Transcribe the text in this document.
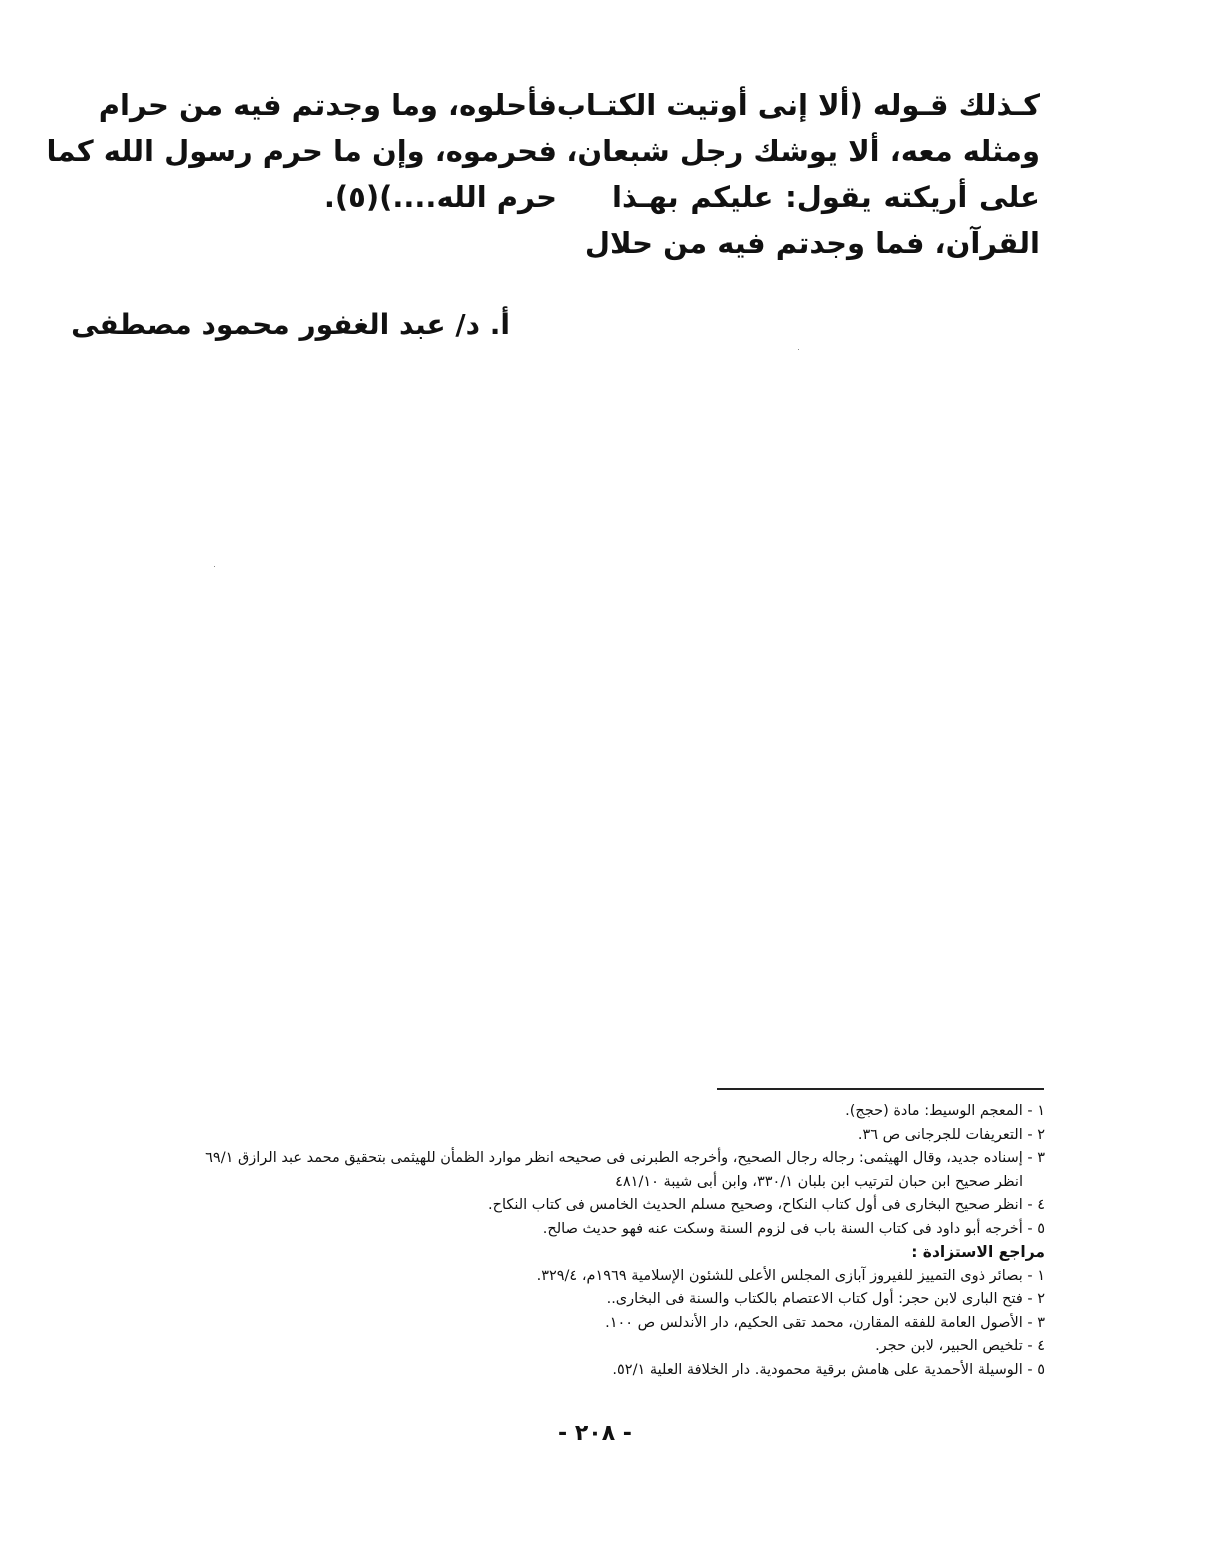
كـذلك قـوله (ألا إنى أوتيت الكتـاب
ومثله معه، ألا يوشك رجل شبعان،
على أريكته يقول: عليكم بهـذا
القرآن، فما وجدتم فيه من حلال
فأحلوه، وما وجدتم فيه من حرام
فحرموه، وإن ما حرم رسول الله كما
حرم الله....)(٥).
أ. د/ عبد الغفور محمود مصطفى
١ - المعجم الوسيط: مادة (حجج).
٢ - التعريفات للجرجانى ص ٣٦.
٣ - إسناده جديد، وقال الهيثمى: رجاله رجال الصحيح، وأخرجه الطبرنى فى صحيحه انظر موارد الظمأن للهيثمى بتحقيق محمد عبد الرازق ٦٩/١
انظر صحيح ابن حبان لترتيب ابن بلبان ٣٣٠/١، وابن أبى شيبة ٤٨١/١٠
٤ - انظر صحيح البخارى فى أول كتاب النكاح، وصحيح مسلم الحديث الخامس فى كتاب النكاح.
٥ - أخرجه أبو داود فى كتاب السنة باب فى لزوم السنة وسكت عنه فهو حديث صالح.
مراجع الاستزادة :
١ - بصائر ذوى التمييز للفيروز آبازى المجلس الأعلى للشئون الإسلامية ١٩٦٩م، ٣٢٩/٤.
٢ - فتح البارى لابن حجر: أول كتاب الاعتصام بالكتاب والسنة فى البخارى..
٣ - الأصول العامة للفقه المقارن، محمد تقى الحكيم، دار الأندلس ص ١٠٠.
٤ - تلخيص الحبير، لابن حجر.
٥ - الوسيلة الأحمدية على هامش برقية محمودية. دار الخلافة العلية ٥٢/١.
- ٢٠٨ -
